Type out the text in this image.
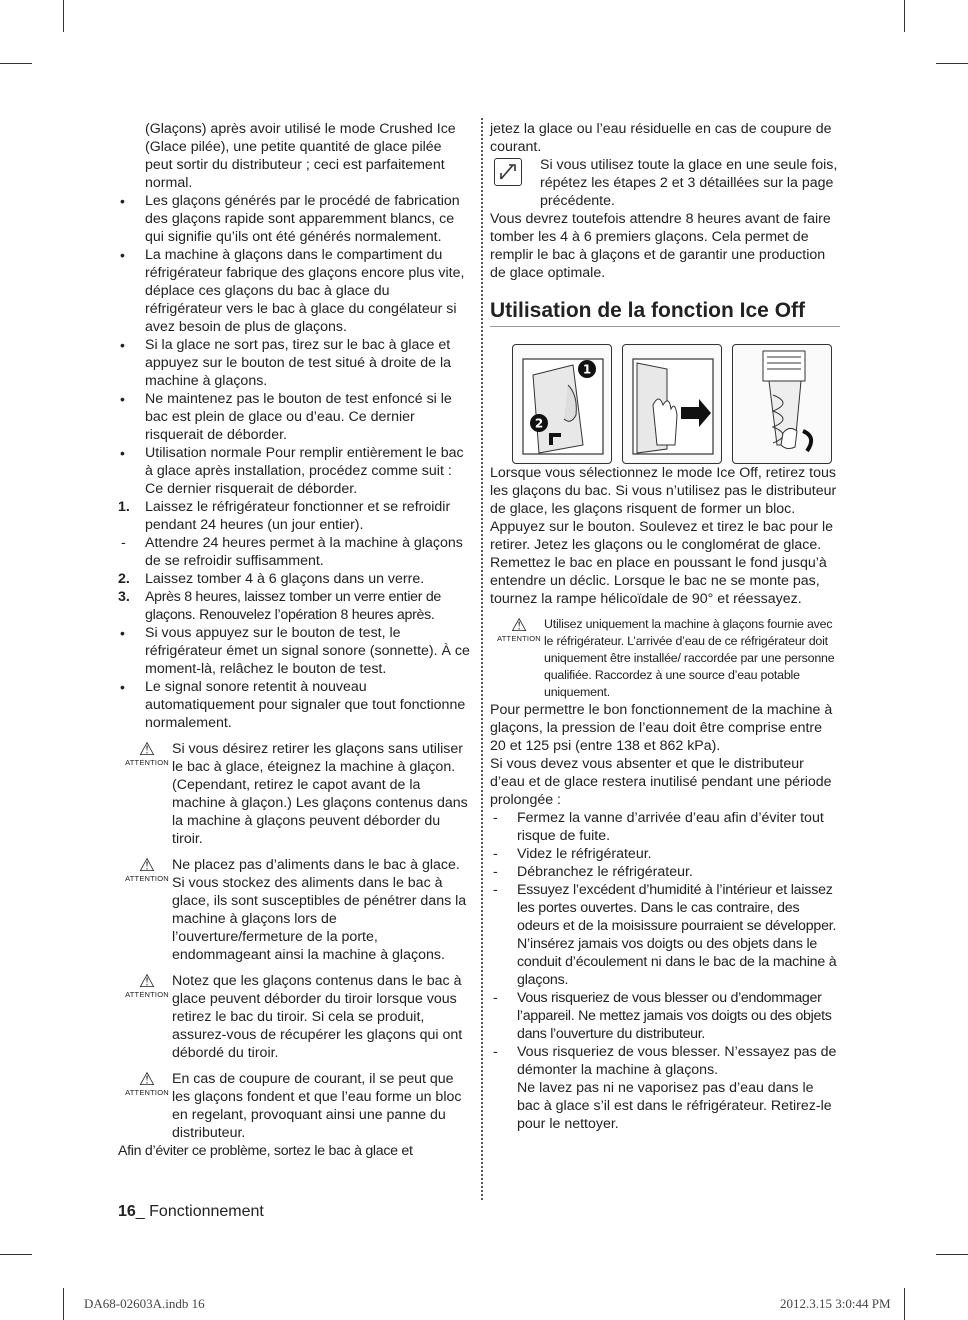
(Glaçons) après avoir utilisé le mode Crushed Ice (Glace pilée), une petite quantité de glace pilée peut sortir du distributeur ; ceci est parfaitement normal.

• Les glaçons générés par le procédé de fabrication des glaçons rapide sont apparemment blancs, ce qui signifie qu’ils ont été générés normalement.
• La machine à glaçons dans le compartiment du réfrigérateur fabrique des glaçons encore plus vite, déplace ces glaçons du bac à glace du réfrigérateur vers le bac à glace du congélateur si avez besoin de plus de glaçons.
• Si la glace ne sort pas, tirez sur le bac à glace et appuyez sur le bouton de test situé à droite de la machine à glaçons.
• Ne maintenez pas le bouton de test enfoncé si le bac est plein de glace ou d’eau. Ce dernier risquerait de déborder.
• Utilisation normale Pour remplir entièrement le bac à glace après installation, procédez comme suit :

Ce dernier risquerait de déborder.

1. Laissez le réfrigérateur fonctionner et se refroidir pendant 24 heures (un jour entier).
- Attendre 24 heures permet à la machine à glaçons de se refroidir suffisamment.
2. Laissez tomber 4 à 6 glaçons dans un verre.
3. Après 8 heures, laissez tomber un verre entier de glaçons. Renouvelez l’opération 8 heures après.
• Si vous appuyez sur le bouton de test, le réfrigérateur émet un signal sonore (sonnette). À ce moment-là, relâchez le bouton de test.
• Le signal sonore retentit à nouveau automatiquement pour signaler que tout fonctionne normalement.
⚠
ATTENTION
Si vous désirez retirer les glaçons sans utiliser le bac à glace, éteignez la machine à glaçon. (Cependant, retirez le capot avant de la machine à glaçon.) Les glaçons contenus dans la machine à glaçons peuvent déborder du tiroir.
⚠
ATTENTION
Ne placez pas d’aliments dans le bac à glace. Si vous stockez des aliments dans le bac à glace, ils sont susceptibles de pénétrer dans la machine à glaçons lors de l’ouverture/fermeture de la porte, endommageant ainsi la machine à glaçons.
⚠
ATTENTION
Notez que les glaçons contenus dans le bac à glace peuvent déborder du tiroir lorsque vous retirez le bac du tiroir. Si cela se produit, assurez-vous de récupérer les glaçons qui ont débordé du tiroir.
⚠
ATTENTION
En cas de coupure de courant, il se peut que les glaçons fondent et que l’eau forme un bloc en regelant, provoquant ainsi une panne du distributeur.

Afin d’éviter ce problème, sortez le bac à glace et

jetez la glace ou l’eau résiduelle en cas de coupure de courant.

Si vous utilisez toute la glace en une seule fois, répétez les étapes 2 et 3 détaillées sur la page précédente.

Vous devrez toutefois attendre 8 heures avant de faire tomber les 4 à 6 premiers glaçons. Cela permet de remplir le bac à glaçons et de garantir une production de glace optimale.

Utilisation de la fonction Ice Off
1
2

Lorsque vous sélectionnez le mode Ice Off, retirez tous les glaçons du bac. Si vous n’utilisez pas le distributeur de glace, les glaçons risquent de former un bloc.

Appuyez sur le bouton. Soulevez et tirez le bac pour le retirer. Jetez les glaçons ou le conglomérat de glace. Remettez le bac en place en poussant le fond jusqu’à entendre un déclic. Lorsque le bac ne se monte pas, tournez la rampe hélicoïdale de 90° et réessayez.

⚠
ATTENTION
Utilisez uniquement la machine à glaçons fournie avec le réfrigérateur. L’arrivée d’eau de ce réfrigérateur doit uniquement être installée/ raccordée par une personne qualifiée. Raccordez à une source d’eau potable uniquement.

Pour permettre le bon fonctionnement de la machine à glaçons, la pression de l’eau doit être comprise entre 20 et 125 psi (entre 138 et 862 kPa).

Si vous devez vous absenter et que le distributeur d’eau et de glace restera inutilisé pendant une période prolongée :

- Fermez la vanne d’arrivée d’eau afin d’éviter tout risque de fuite.
- Videz le réfrigérateur.
- Débranchez le réfrigérateur.
- Essuyez l’excédent d’humidité à l’intérieur et laissez les portes ouvertes. Dans le cas contraire, des odeurs et de la moisissure pourraient se développer. N’insérez jamais vos doigts ou des objets dans le conduit d’écoulement ni dans le bac de la machine à glaçons.
- Vous risqueriez de vous blesser ou d’endommager l’appareil. Ne mettez jamais vos doigts ou des objets dans l’ouverture du distributeur.
- Vous risqueriez de vous blesser. N’essayez pas de démonter la machine à glaçons.

Ne lavez pas ni ne vaporisez pas d’eau dans le bac à glace s’il est dans le réfrigérateur. Retirez-le pour le nettoyer.

16_ Fonctionnement
DA68-02603A.indb 16	2012.3.15 3:0:44 PM
